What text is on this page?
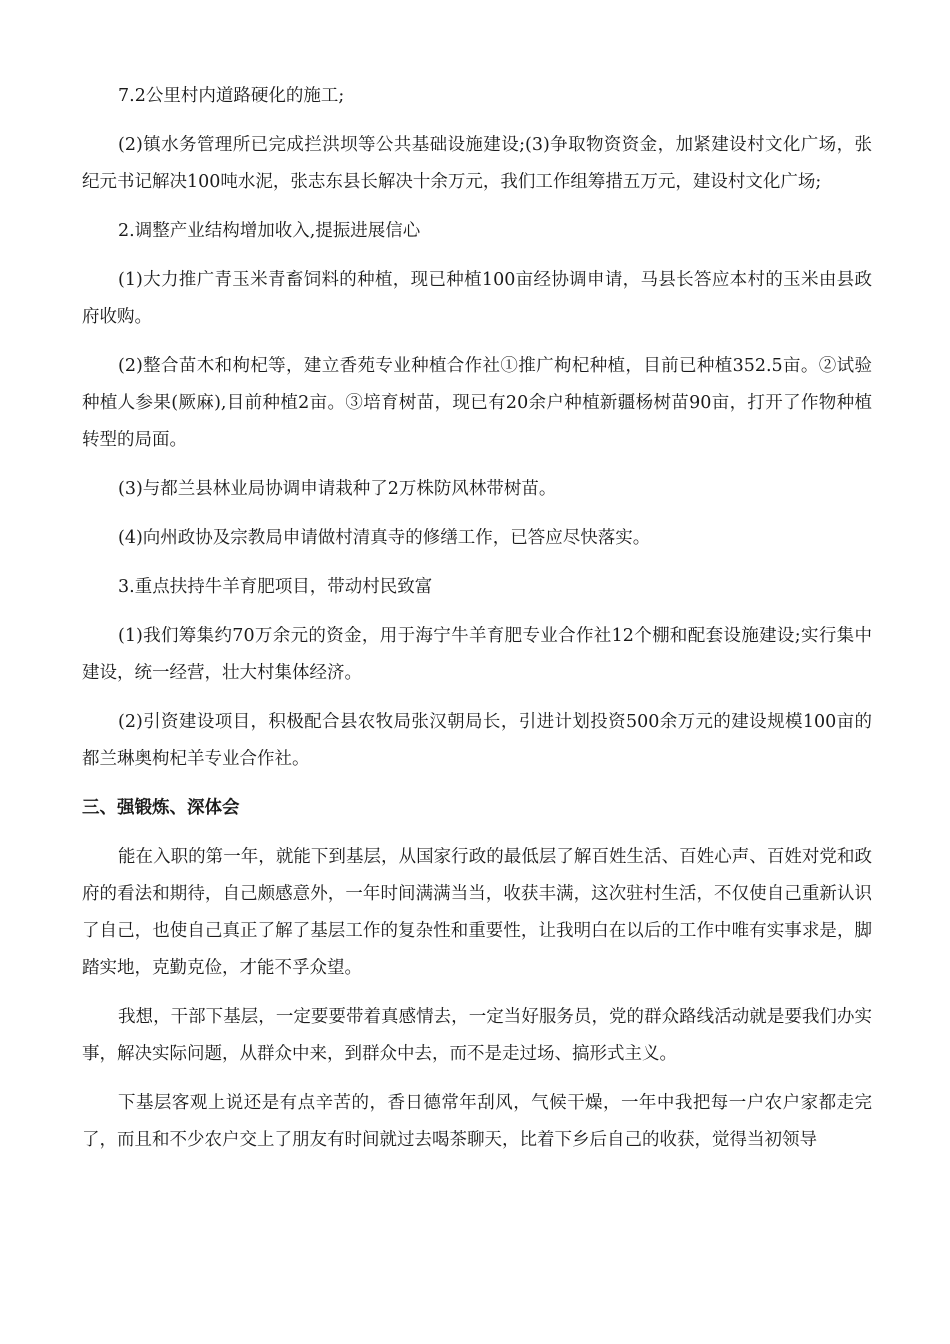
7.2公里村内道路硬化的施工;

(2)镇水务管理所已完成拦洪坝等公共基础设施建设;(3)争取物资资金，加紧建设村文化广场，张纪元书记解决100吨水泥，张志东县长解决十余万元，我们工作组筹措五万元，建设村文化广场;

2.调整产业结构增加收入,提振进展信心

(1)大力推广青玉米青畜饲料的种植，现已种植100亩经协调申请，马县长答应本村的玉米由县政府收购。

(2)整合苗木和枸杞等，建立香苑专业种植合作社①推广枸杞种植，目前已种植352.5亩。②试验种植人参果(厥麻),目前种植2亩。③培育树苗，现已有20余户种植新疆杨树苗90亩，打开了作物种植转型的局面。

(3)与都兰县林业局协调申请栽种了2万株防风林带树苗。

(4)向州政协及宗教局申请做村清真寺的修缮工作，已答应尽快落实。

3.重点扶持牛羊育肥项目，带动村民致富

(1)我们筹集约70万余元的资金，用于海宁牛羊育肥专业合作社12个棚和配套设施建设;实行集中建设，统一经营，壮大村集体经济。

(2)引资建设项目，积极配合县农牧局张汉朝局长，引进计划投资500余万元的建设规模100亩的都兰琳奥枸杞羊专业合作社。

三、强锻炼、深体会

能在入职的第一年，就能下到基层，从国家行政的最低层了解百姓生活、百姓心声、百姓对党和政府的看法和期待，自己颇感意外，一年时间满满当当，收获丰满，这次驻村生活，不仅使自己重新认识了自己，也使自己真正了解了基层工作的复杂性和重要性，让我明白在以后的工作中唯有实事求是，脚踏实地，克勤克俭，才能不孚众望。

我想，干部下基层，一定要要带着真感情去，一定当好服务员，党的群众路线活动就是要我们办实事，解决实际问题，从群众中来，到群众中去，而不是走过场、搞形式主义。

下基层客观上说还是有点辛苦的，香日德常年刮风，气候干燥，一年中我把每一户农户家都走完了，而且和不少农户交上了朋友有时间就过去喝茶聊天，比着下乡后自己的收获，觉得当初领导
